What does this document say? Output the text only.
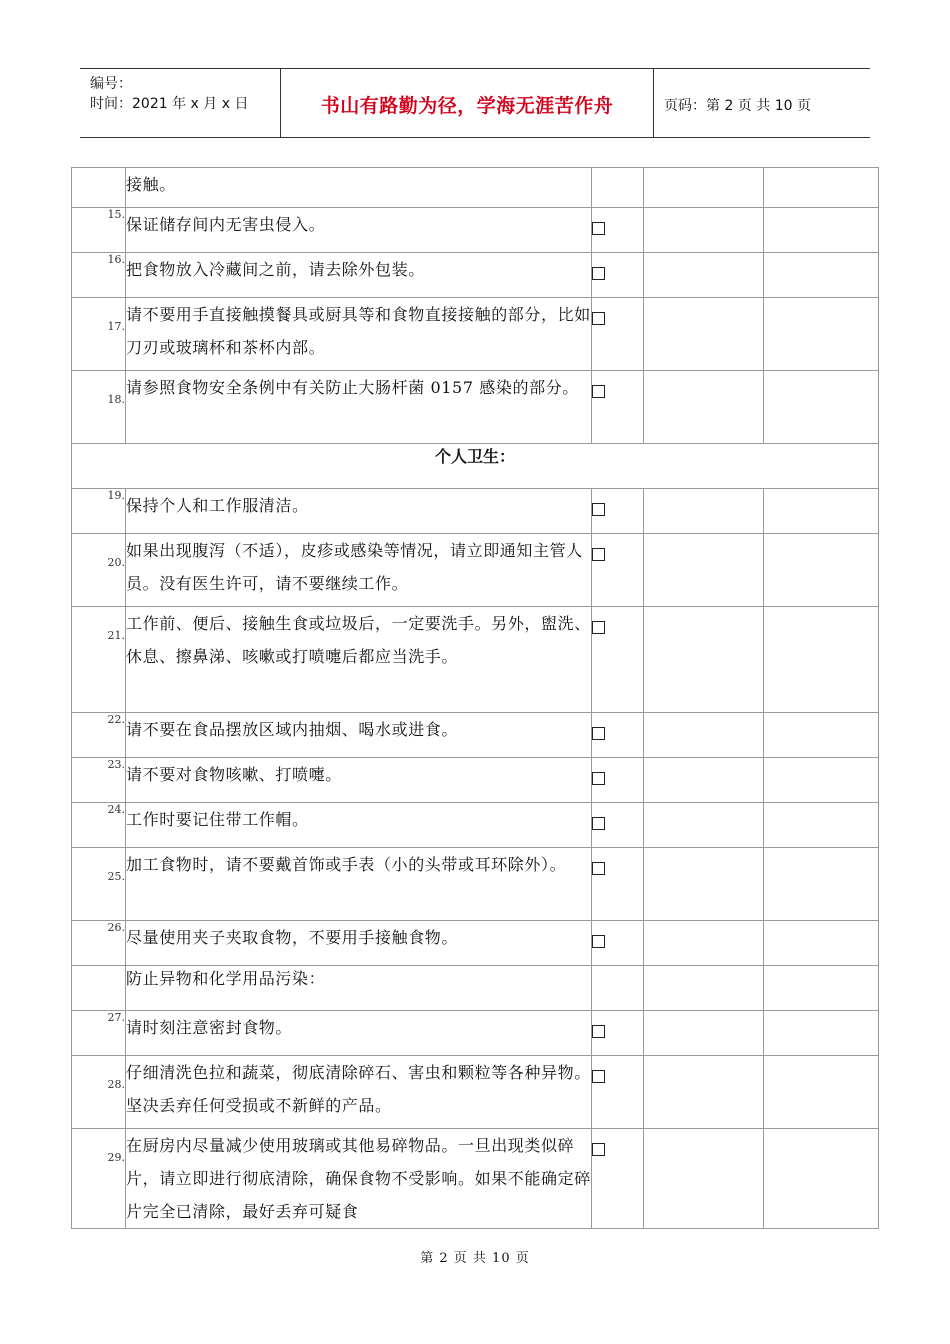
编号：
时间：2021 年 x 月 x 日	书山有路勤为径，学海无涯苦作舟	页码：第 2 页 共 10 页
	接触。			
15.	保证储存间内无害虫侵入。			
16.	把食物放入冷藏间之前，请去除外包装。			
17.	请不要用手直接触摸餐具或厨具等和食物直接接触的部分，比如刀刃或玻璃杯和茶杯内部。			
18.	请参照食物安全条例中有关防止大肠杆菌 0157 感染的部分。			
个人卫生：				
19.	保持个人和工作服清洁。			
20.	如果出现腹泻（不适），皮疹或感染等情况，请立即通知主管人员。没有医生许可，请不要继续工作。			
21.	工作前、便后、接触生食或垃圾后，一定要洗手。另外，盥洗、休息、擦鼻涕、咳嗽或打喷嚏后都应当洗手。			
22.	请不要在食品摆放区域内抽烟、喝水或进食。			
23.	请不要对食物咳嗽、打喷嚏。			
24.	工作时要记住带工作帽。			
25.	加工食物时，请不要戴首饰或手表（小的头带或耳环除外）。			
26.	尽量使用夹子夹取食物，不要用手接触食物。			
	防止异物和化学用品污染：			
27.	请时刻注意密封食物。			
28.	仔细清洗色拉和蔬菜，彻底清除碎石、害虫和颗粒等各种异物。 坚决丢弃任何受损或不新鲜的产品。			
29.	在厨房内尽量减少使用玻璃或其他易碎物品。一旦出现类似碎片，请立即进行彻底清除，确保食物不受影响。如果不能确定碎片完全已清除，最好丢弃可疑食			
第 2 页 共 10 页
